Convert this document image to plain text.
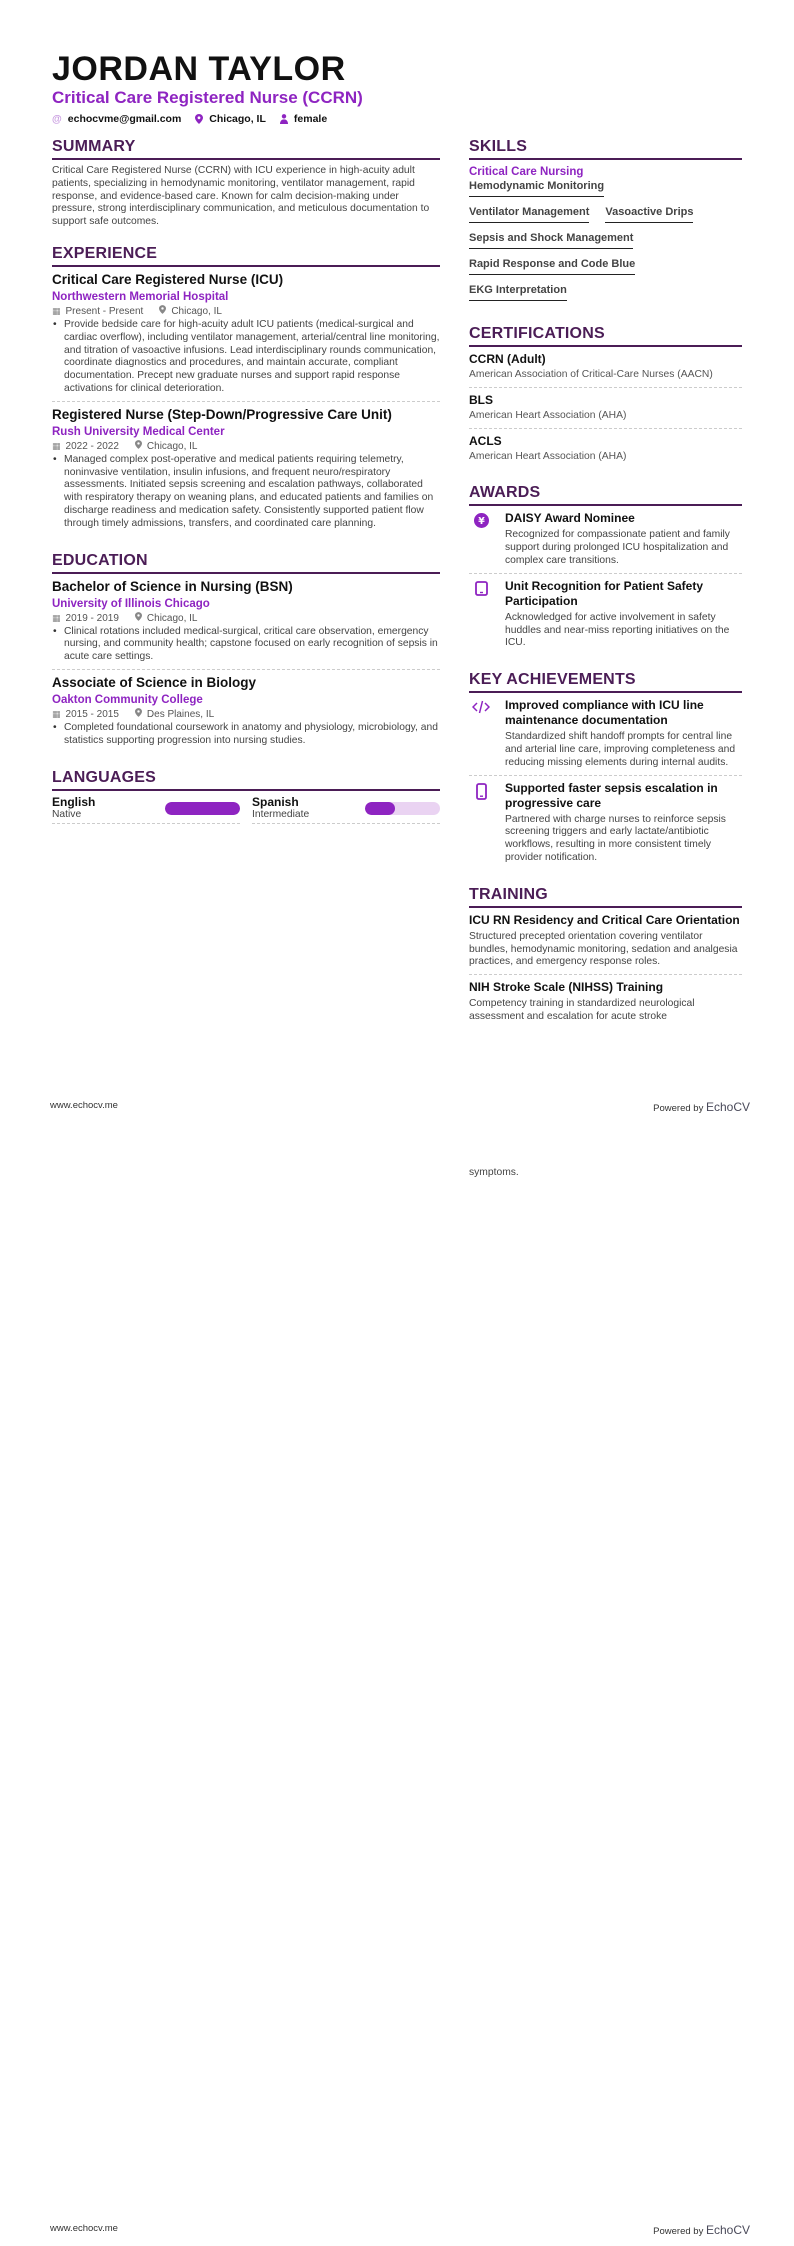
JORDAN TAYLOR
Critical Care Registered Nurse (CCRN)
@ echocvme@gmail.com	Chicago, IL	female
SUMMARY
Critical Care Registered Nurse (CCRN) with ICU experience in high-acuity adult patients, specializing in hemodynamic monitoring, ventilator management, rapid response, and evidence-based care. Known for calm decision-making under pressure, strong interdisciplinary communication, and meticulous documentation to support safe outcomes.
EXPERIENCE
Critical Care Registered Nurse (ICU)
Northwestern Memorial Hospital
▦ Present - Present	Chicago, IL
• Provide bedside care for high-acuity adult ICU patients (medical-surgical and cardiac overflow), including ventilator management, arterial/central line monitoring, and titration of vasoactive infusions. Lead interdisciplinary rounds communication, coordinate diagnostics and procedures, and maintain accurate, compliant documentation. Precept new graduate nurses and support rapid response activations for clinical deterioration.
Registered Nurse (Step-Down/Progressive Care Unit)
Rush University Medical Center
▦ 2022 - 2022	Chicago, IL
• Managed complex post-operative and medical patients requiring telemetry, noninvasive ventilation, insulin infusions, and frequent neuro/respiratory assessments. Initiated sepsis screening and escalation pathways, collaborated with respiratory therapy on weaning plans, and educated patients and families on discharge readiness and medication safety. Consistently supported patient flow through timely admissions, transfers, and coordinated care planning.
EDUCATION
Bachelor of Science in Nursing (BSN)
University of Illinois Chicago
▦ 2019 - 2019	Chicago, IL
• Clinical rotations included medical-surgical, critical care observation, emergency nursing, and community health; capstone focused on early recognition of sepsis in acute care settings.
Associate of Science in Biology
Oakton Community College
▦ 2015 - 2015	Des Plaines, IL
• Completed foundational coursework in anatomy and physiology, microbiology, and statistics supporting progression into nursing studies.
LANGUAGES
English
Native
Spanish
Intermediate
SKILLS
Critical Care Nursing
Hemodynamic Monitoring
Ventilator Management Vasoactive Drips
Sepsis and Shock Management
Rapid Response and Code Blue
EKG Interpretation
CERTIFICATIONS
CCRN (Adult)
American Association of Critical-Care Nurses (AACN)
BLS
American Heart Association (AHA)
ACLS
American Heart Association (AHA)
AWARDS
¥ DAISY Award Nominee
Recognized for compassionate patient and family support during prolonged ICU hospitalization and complex care transitions.
Unit Recognition for Patient Safety Participation
Acknowledged for active involvement in safety huddles and near-miss reporting initiatives on the ICU.
KEY ACHIEVEMENTS
Improved compliance with ICU line maintenance documentation
Standardized shift handoff prompts for central line and arterial line care, improving completeness and reducing missing elements during internal audits.
Supported faster sepsis escalation in progressive care
Partnered with charge nurses to reinforce sepsis screening triggers and early lactate/antibiotic workflows, resulting in more consistent timely provider notification.
TRAINING
ICU RN Residency and Critical Care Orientation
Structured precepted orientation covering ventilator bundles, hemodynamic monitoring, sedation and analgesia practices, and emergency response roles.
NIH Stroke Scale (NIHSS) Training
Competency training in standardized neurological assessment and escalation for acute stroke
www.echocv.me	Powered by EchoCV
symptoms.
www.echocv.me	Powered by EchoCV
